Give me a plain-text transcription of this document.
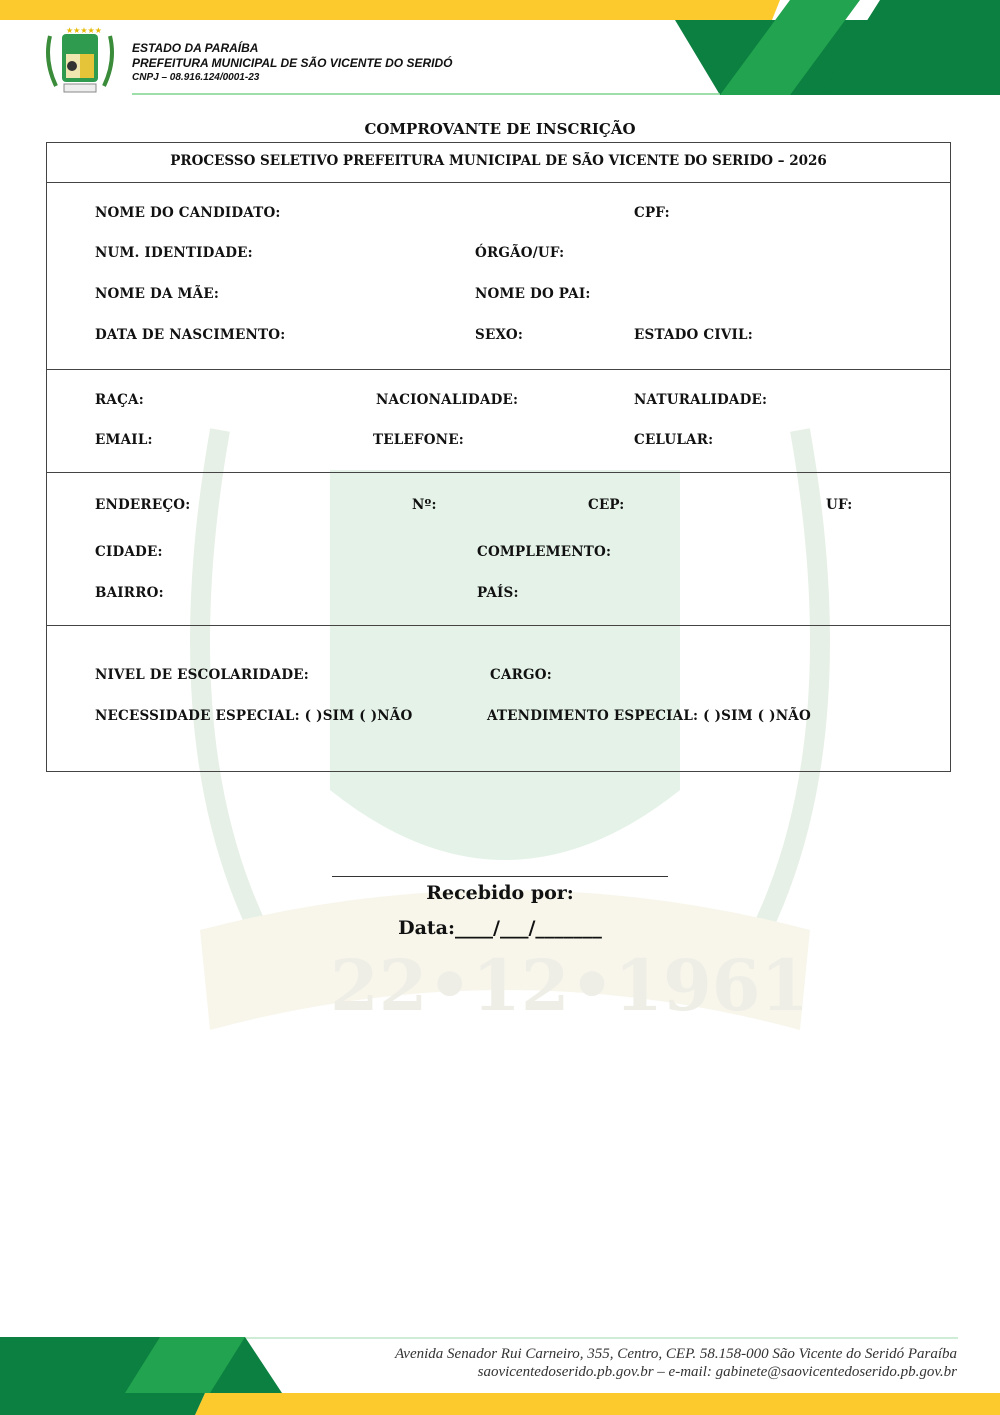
★★★★★
ESTADO DA PARAÍBA
PREFEITURA MUNICIPAL DE SÃO VICENTE DO SERIDÓ
CNPJ – 08.916.124/0001-23
22•12•1961
COMPROVANTE DE INSCRIÇÃO
PROCESSO SELETIVO PREFEITURA MUNICIPAL DE SÃO VICENTE DO SERIDO – 2026
NOME DO CANDIDATO:	CPF:
NUM. IDENTIDADE:	ÓRGÃO/UF:
NOME DA MÃE:	NOME DO PAI:
DATA DE NASCIMENTO:	SEXO:	ESTADO CIVIL:
RAÇA:	NACIONALIDADE:	NATURALIDADE:
EMAIL:	TELEFONE:	CELULAR:
ENDEREÇO:	Nº:	CEP:	UF:
CIDADE:	COMPLEMENTO:
BAIRRO:	PAÍS:
NIVEL DE ESCOLARIDADE:	CARGO:
NECESSIDADE ESPECIAL: ( )SIM ( )NÃO	ATENDIMENTO ESPECIAL: ( )SIM ( )NÃO
Recebido por:
Data:____/___/_______
Avenida Senador Rui Carneiro, 355, Centro, CEP. 58.158-000 São Vicente do Seridó Paraíba
saovicentedoserido.pb.gov.br – e-mail: gabinete@saovicentedoserido.pb.gov.br
